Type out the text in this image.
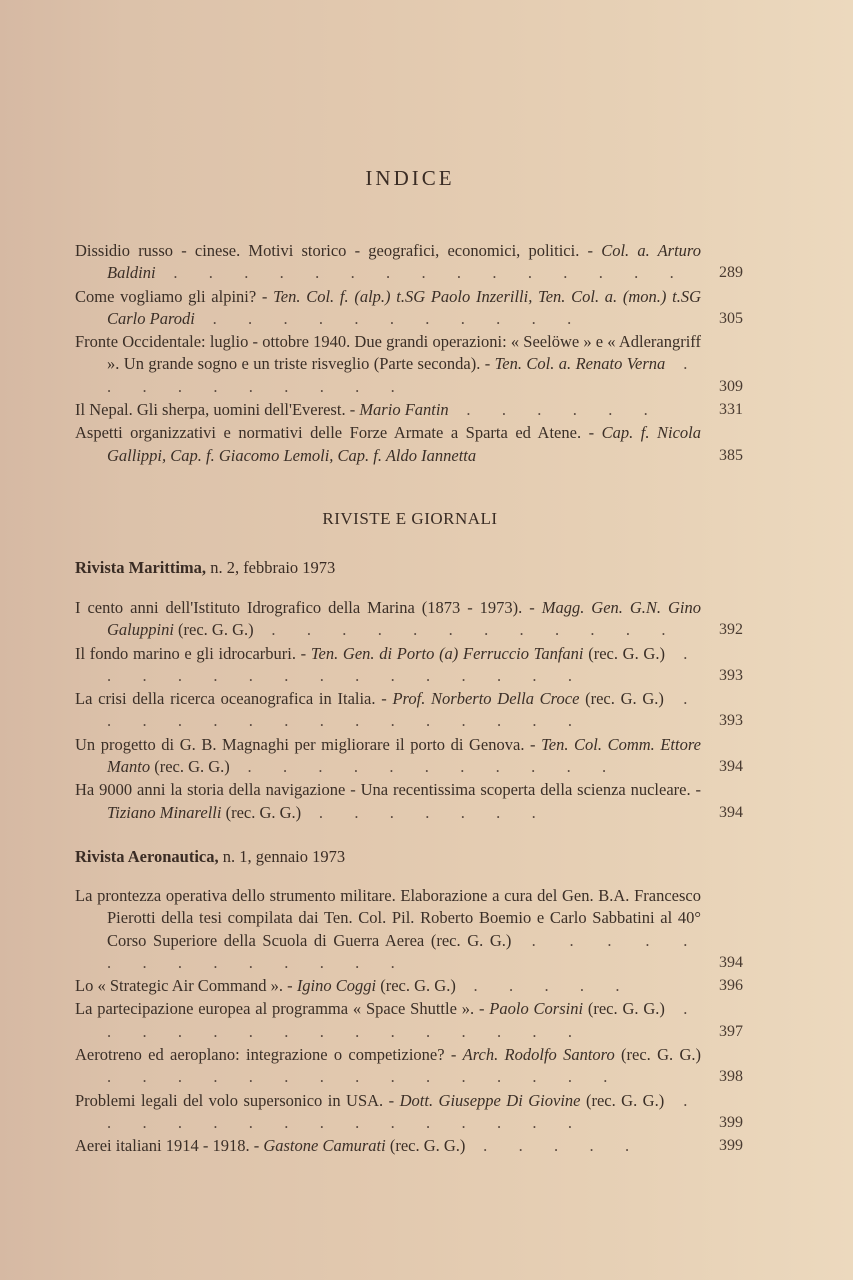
INDICE
Dissidio russo - cinese. Motivi storico - geografici, economici, politici. - Col. a. Arturo Baldini . . . . . . . . . . . . . . .	289
Come vogliamo gli alpini? - Ten. Col. f. (alp.) t.SG Paolo Inzerilli, Ten. Col. a. (mon.) t.SG Carlo Parodi . . . . . . . . . . .	305
Fronte Occidentale: luglio - ottobre 1940. Due grandi operazioni: « Seelöwe » e « Adlerangriff ». Un grande sogno e un triste risveglio (Parte seconda). - Ten. Col. a. Renato Verna . . . . . . . . . .	309
Il Nepal. Gli sherpa, uomini dell'Everest. - Mario Fantin . . . . . .	331
Aspetti organizzativi e normativi delle Forze Armate a Sparta ed Atene. - Cap. f. Nicola Gallippi, Cap. f. Giacomo Lemoli, Cap. f. Aldo Iannetta	385
RIVISTE E GIORNALI
Rivista Marittima, n. 2, febbraio 1973
I cento anni dell'Istituto Idrografico della Marina (1873 - 1973). - Magg. Gen. G.N. Gino Galuppini (rec. G. G.) . . . . . . . . . . . .	392
Il fondo marino e gli idrocarburi. - Ten. Gen. di Porto (a) Ferruccio Tanfani (rec. G. G.) . . . . . . . . . . . . . . .	393
La crisi della ricerca oceanografica in Italia. - Prof. Norberto Della Croce (rec. G. G.) . . . . . . . . . . . . . . .	393
Un progetto di G. B. Magnaghi per migliorare il porto di Genova. - Ten. Col. Comm. Ettore Manto (rec. G. G.) . . . . . . . . . . .	394
Ha 9000 anni la storia della navigazione - Una recentissima scoperta della scienza nucleare. - Tiziano Minarelli (rec. G. G.) . . . . . . .	394
Rivista Aeronautica, n. 1, gennaio 1973
La prontezza operativa dello strumento militare. Elaborazione a cura del Gen. B.A. Francesco Pierotti della tesi compilata dai Ten. Col. Pil. Roberto Boemio e Carlo Sabbatini al 40° Corso Superiore della Scuola di Guerra Aerea (rec. G. G.) . . . . . . . . . . . . . .	394
Lo « Strategic Air Command ». - Igino Coggi (rec. G. G.) . . . . .	396
La partecipazione europea al programma « Space Shuttle ». - Paolo Corsini (rec. G. G.) . . . . . . . . . . . . . . .	397
Aerotreno ed aeroplano: integrazione o competizione? - Arch. Rodolfo Santoro (rec. G. G.) . . . . . . . . . . . . . . .	398
Problemi legali del volo supersonico in USA. - Dott. Giuseppe Di Giovine (rec. G. G.) . . . . . . . . . . . . . . .	399
Aerei italiani 1914 - 1918. - Gastone Camurati (rec. G. G.) . . . . .	399
